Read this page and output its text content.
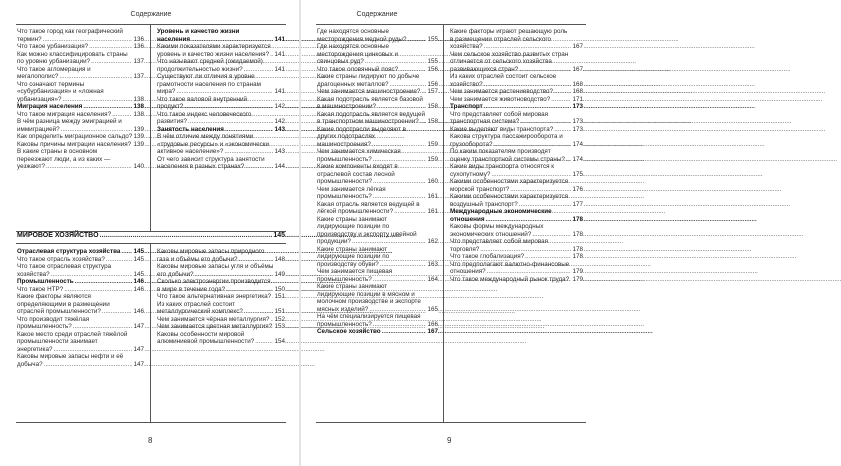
Содержание
МИРОВОЕ ХОЗЯЙСТВО .....	145
Что такое город как географический термин? .....	136
Что такое урбанизация? .....	136
Как можно классифицировать страны по уровню урбанизации? .....	137
Что такое агломерация и мегалополис? .....	137
Что означают термины «субурбанизация» и «ложная урбанизация»? .....	138
Миграция населения .....	138
Что такое миграция населения? .....	138
В чём разница между эмиграцией и иммиграцией? .....	139
Как определить миграционное сальдо? ..... 139
Каковы причины миграции населения? ..... 139
В какие страны в основном переезжают люди, а из каких — уезжают? .....	140
Уровень и качество жизни населения .....	141
Какими показателями характеризуется уровень и качество жизни населения? ..... 141
Что называют средней (ожидаемой) продолжительностью жизни? .....	141
Существуют ли отличия в уровне грамотности населения по странам мира? .....	141
Что такое валовой внутренний продукт? .....	142
Что такое индекс человеческого развития? .....	142
Занятость населения .....	143
В чём отличие между понятиями «трудовые ресурсы» и «экономически активное население»? .....	143
От чего зависит структура занятости населения в разных странах? .....	144
Отраслевая структура хозяйства .....	145
Что такое отрасль хозяйства? .....	145
Что такое отраслевая структура хозяйства? .....	145
Промышленность .....	146
Что такое НТР? .....	146
Какие факторы являются определяющими в размещении отраслей промышленности? .....	146
Что производит тяжёлая промышленность? .....	147
Какое место среди отраслей тяжёлой промышленности занимает энергетика? .....	147
Каковы мировые запасы нефти и её добыча? .....	147
Каковы мировые запасы природного газа и объёмы его добычи? .....	148
Каковы мировые запасы угля и объёмы его добычи? .....	149
Сколько электроэнергии производится в мире в течение года? .....	150
Что такое альтернативная энергетика? ..... 151
Из каких отраслей состоит металлургический комплекс? .....	151
Чем занимается чёрная металлургия? ..... 152
Чем занимается цветная металлургия? ..... 153
Каковы особенности мировой алюминиевой промышленности? .....	154
8
Содержание
Где находятся основные месторождения медной руды? .....	155
Где находятся основные месторождения цинковых и свинцовых руд? .....	155
Что такое оловянный пояс? .....	156
Какие страны лидируют по добыче драгоценных металлов? .....	156
Чем занимается машиностроение? .....	157
Какая подотрасль является базовой в машиностроении? .....	158
Какая подотрасль является ведущей в транспортном машиностроении? .....	158
Какие подотрасли выделяют в других подотраслях машиностроения? .....	159
Чем занимается химическая промышленность? .....	159
Какие компоненты входят в отраслевой состав лесной промышленности? .....	160
Чем занимается лёгкая промышленность? .....	161
Какая отрасль является ведущей в лёгкой промышленности? .....	161
Какие страны занимают лидирующие позиции по производству и экспорту швейной продукции? .....	162
Какие страны занимают лидирующие позиции по производству обуви? .....	163
Чем занимается пищевая промышленность? .....	164
Какие страны занимают лидирующие позиции в мясном и молочном производстве и экспорте мясных изделий? .....	165
На чём специализируется пищевая промышленность? .....	166
Сельское хозяйство .....	167
Какие факторы играют решающую роль в размещении отраслей сельского хозяйства? .....	167
Чем сельское хозяйство развитых стран отличается от сельского хозяйства развивающихся стран? .....	167
Из каких отраслей состоит сельское хозяйство? .....	168
Чем занимается растениеводство? .....	168
Чем занимается животноводство? .....	171
Транспорт .....	173
Что представляет собой мировая транспортная система? .....	173
Какие выделяют виды транспорта? .....	173
Какова структура пассажирооборота и грузооборота? .....	174
По каким показателям производят оценку транспортной системы страны? .....	174
Какие виды транспорта относятся к сухопутному? .....	175
Какими особенностями характеризуется морской транспорт? .....	176
Какими особенностями характеризуется воздушный транспорт? .....	177
Международные экономические отношения .....	178
Каковы формы международных экономических отношений? .....	178
Что представляет собой мировая торговля? .....	178
Что такое глобализация? .....	178
Что предполагают валютно-финансовые отношения? .....	179
Что такое международный рынок труда? ..... 179
9
